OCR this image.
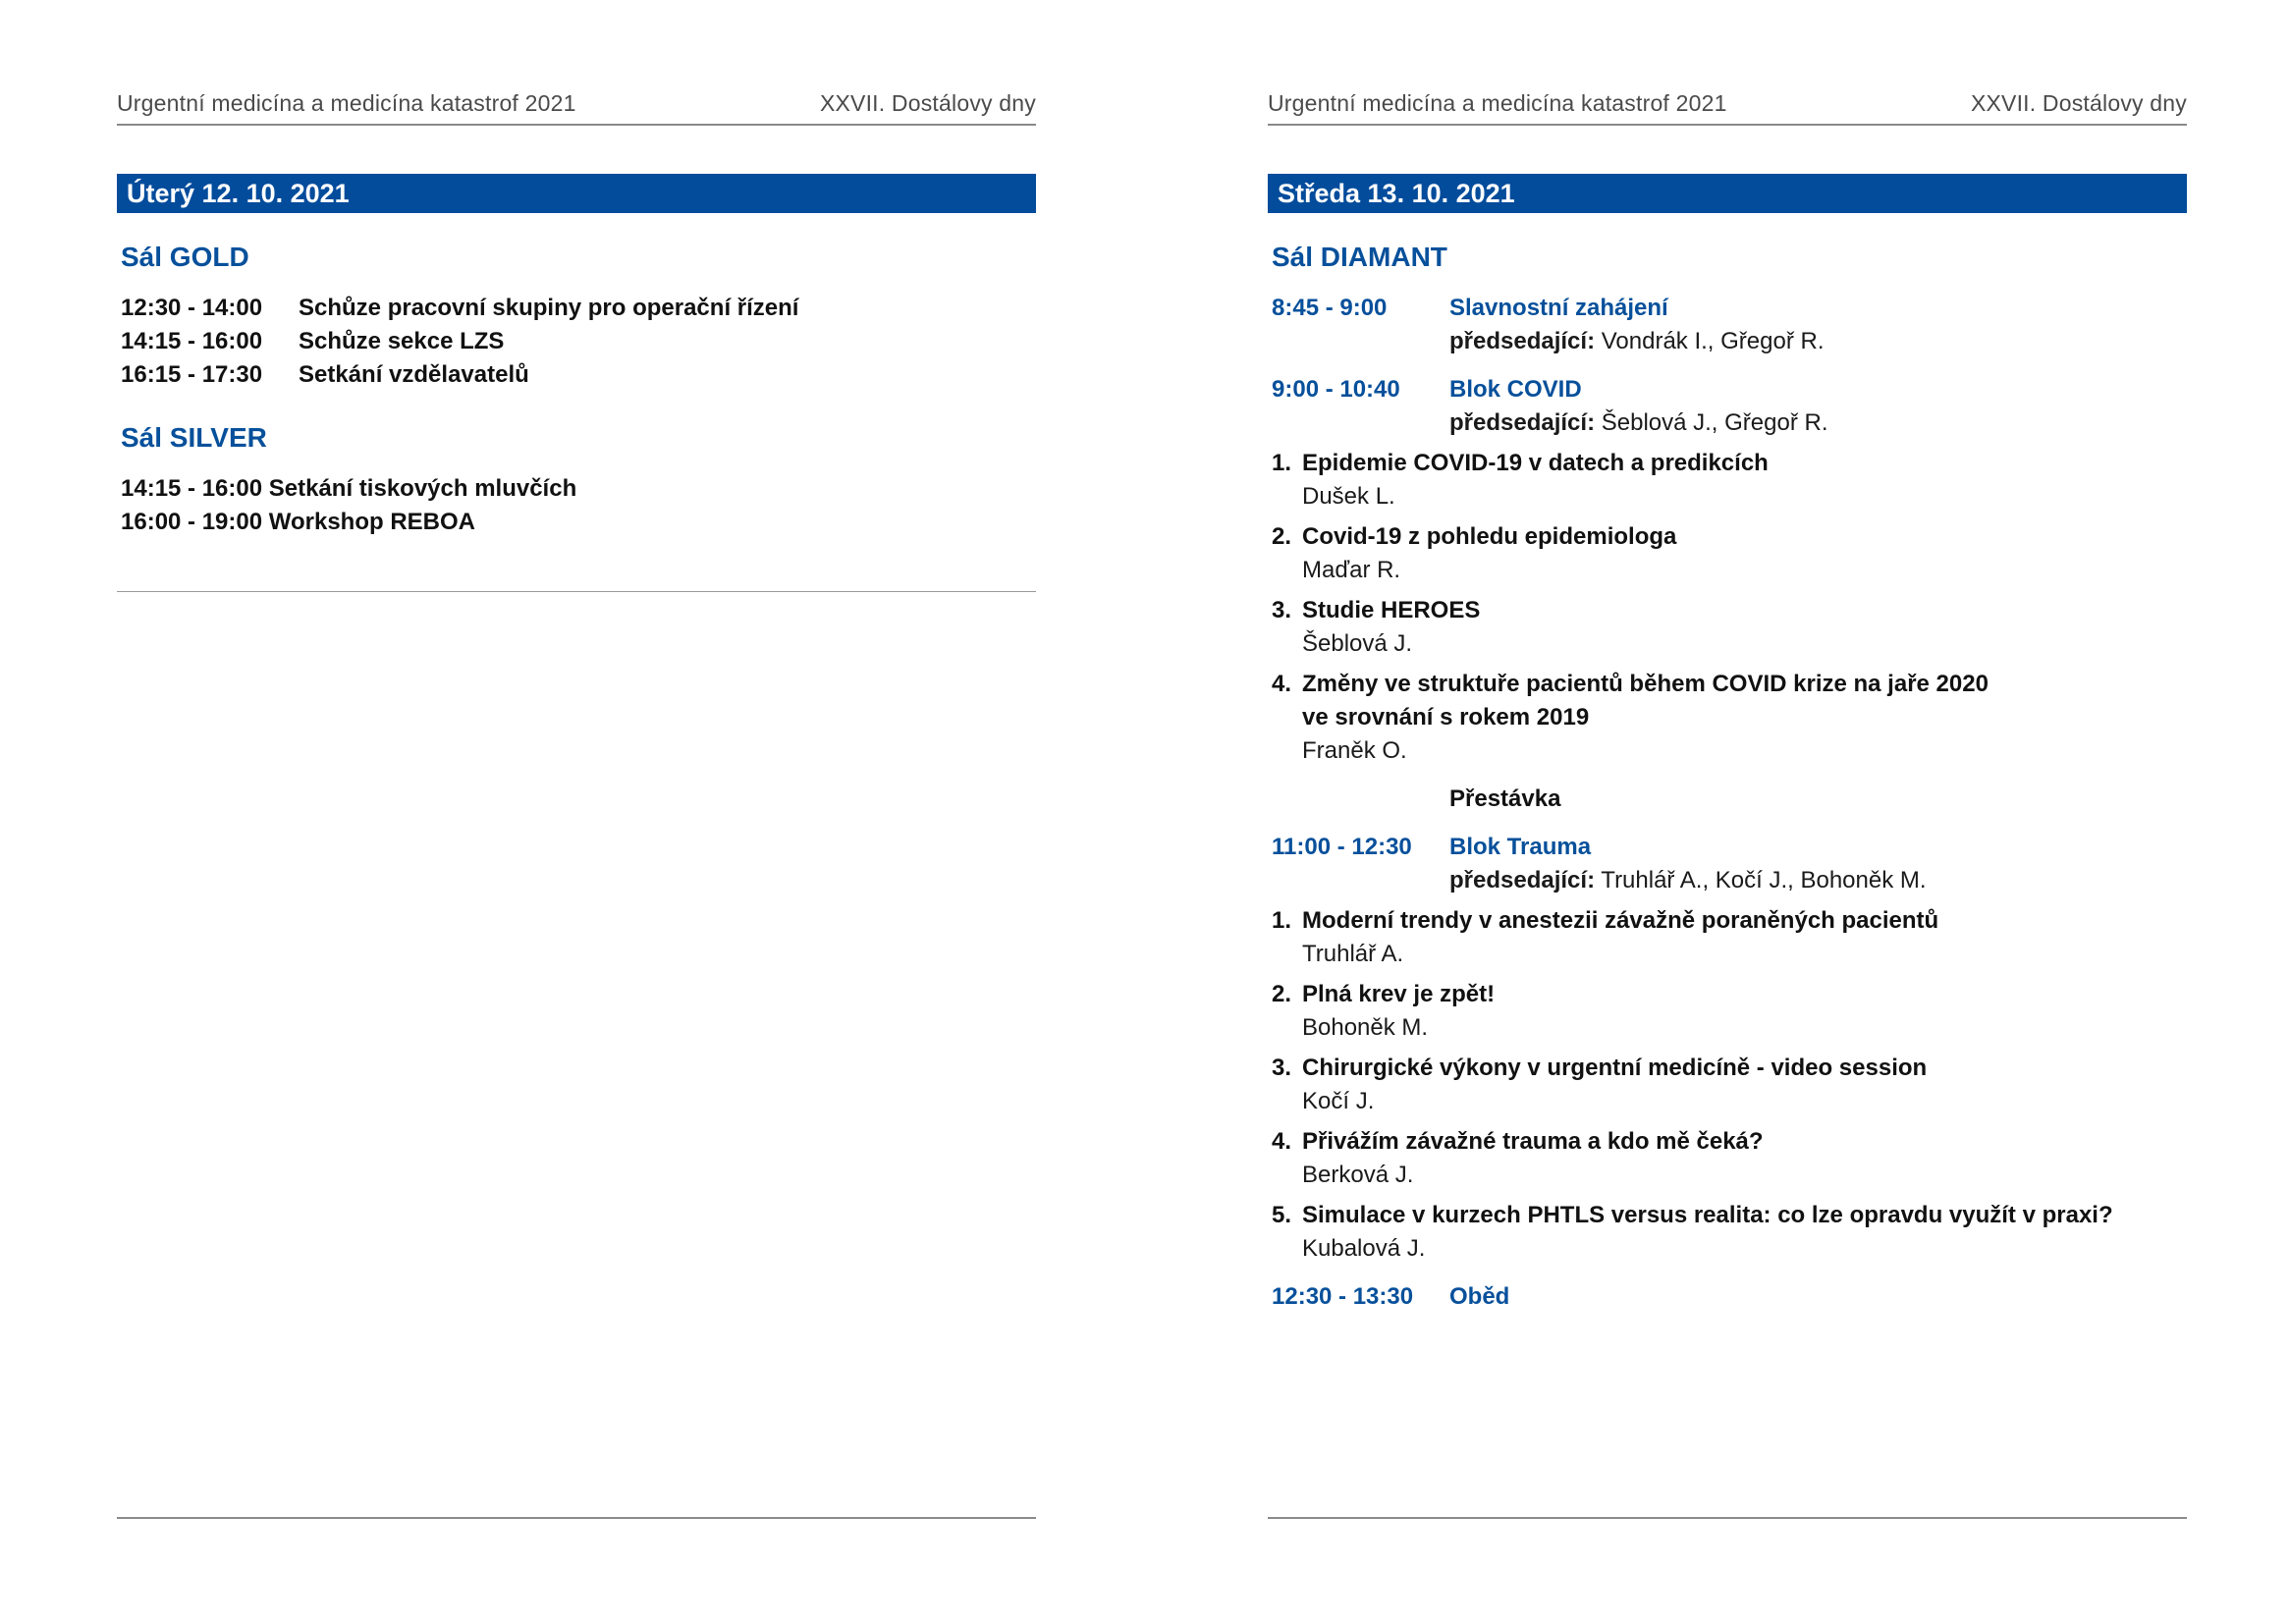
Urgentní medicína a medicína katastrof 2021	XXVII. Dostálovy dny
Úterý 12. 10. 2021
Sál GOLD
12:30 - 14:00 Schůze pracovní skupiny pro operační řízení
14:15 - 16:00 Schůze sekce LZS
16:15 - 17:30 Setkání vzdělavatelů
Sál SILVER
14:15 - 16:00 Setkání tiskových mluvčích
16:00 - 19:00 Workshop REBOA
Urgentní medicína a medicína katastrof 2021	XXVII. Dostálovy dny
Středa 13. 10. 2021
Sál DIAMANT
8:45 - 9:00	Slavnostní zahájení
předsedající: Vondrák I., Gřegoř R.
9:00 - 10:40 Blok COVID
předsedající: Šeblová J., Gřegoř R.
1. Epidemie COVID-19 v datech a predikcích
Dušek L.
2. Covid-19 z pohledu epidemiologa
Maďar R.
3. Studie HEROES
Šeblová J.
4. Změny ve struktuře pacientů během COVID krize na jaře 2020
ve srovnání s rokem 2019
Franěk O.
Přestávka
11:00 - 12:30 Blok Trauma
předsedající: Truhlář A., Kočí J., Bohoněk M.
1. Moderní trendy v anestezii závažně poraněných pacientů
Truhlář A.
2. Plná krev je zpět!
Bohoněk M.
3. Chirurgické výkony v urgentní medicíně - video session
Kočí J.
4. Přivážím závažné trauma a kdo mě čeká?
Berková J.
5. Simulace v kurzech PHTLS versus realita: co lze opravdu využít v praxi?
Kubalová J.
12:30 - 13:30 Oběd
